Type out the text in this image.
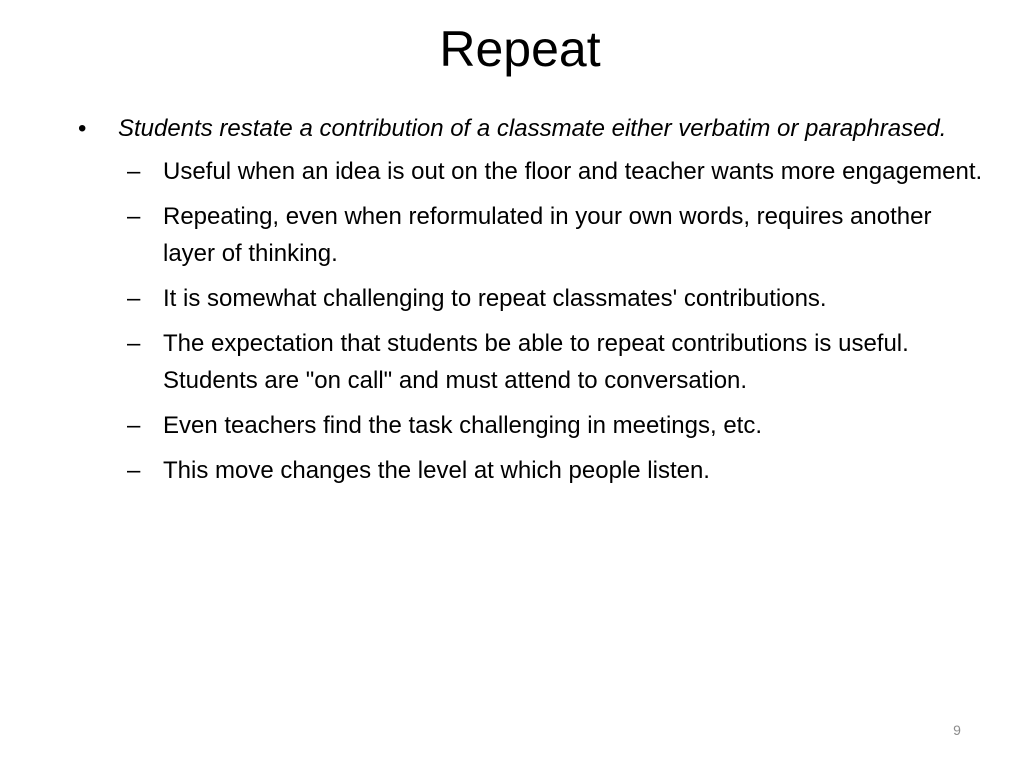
Repeat
• Students restate a contribution of a classmate either verbatim or paraphrased.
– Useful when an idea is out on the floor and teacher wants more engagement.
– Repeating, even when reformulated in your own words, requires another layer of thinking.
– It is somewhat challenging to repeat classmates' contributions.
– The expectation that students be able to repeat contributions is useful. Students are "on call" and must attend to conversation.
– Even teachers find the task challenging in meetings, etc.
– This move changes the level at which people listen.
9
